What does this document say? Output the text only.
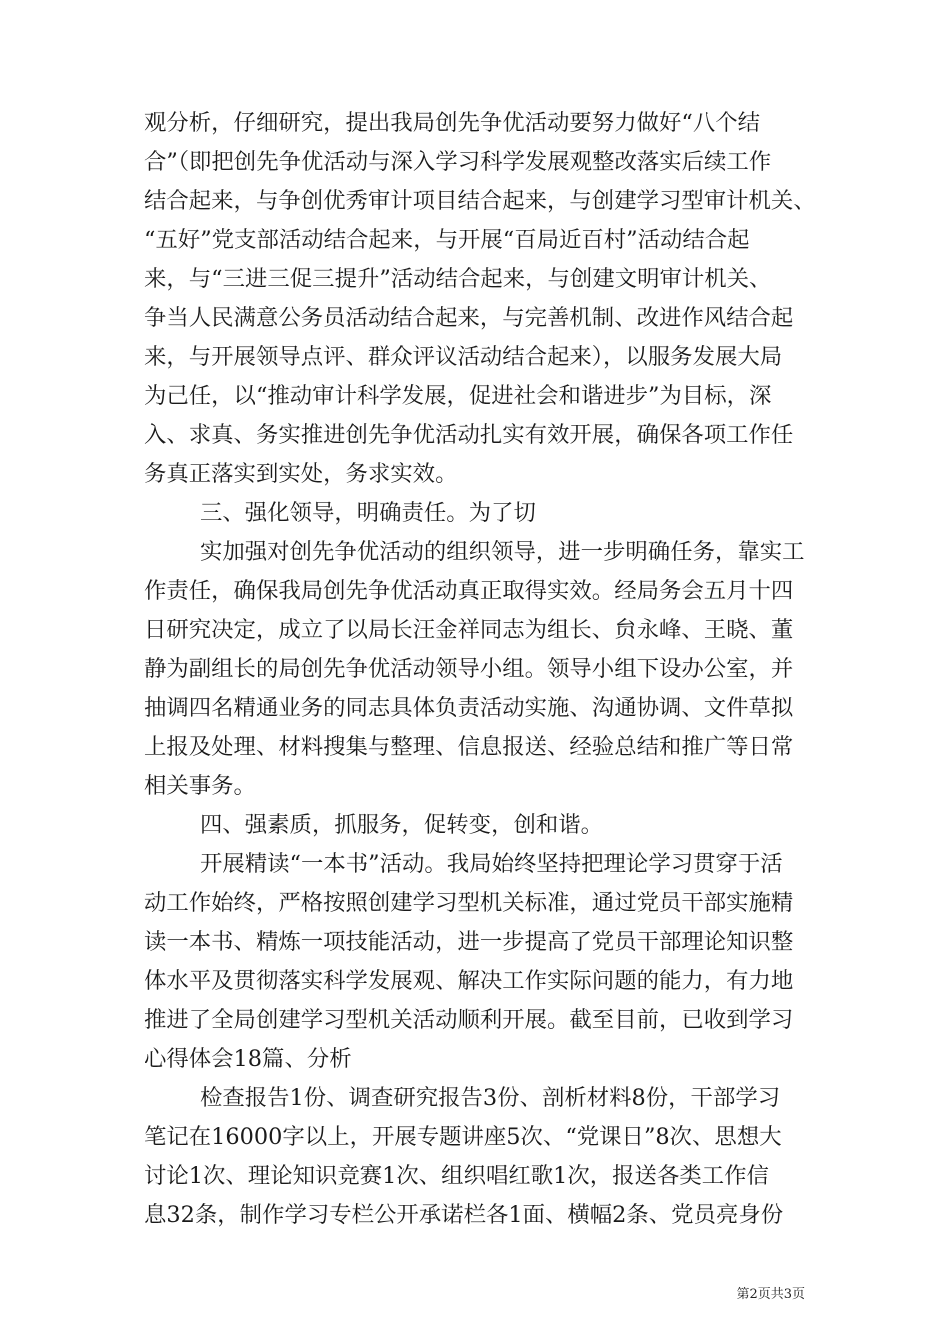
观分析，仔细研究，提出我局创先争优活动要努力做好“八个结
合”（即把创先争优活动与深入学习科学发展观整改落实后续工作
结合起来，与争创优秀审计项目结合起来，与创建学习型审计机关、
“五好”党支部活动结合起来，与开展“百局近百村”活动结合起
来，与“三进三促三提升”活动结合起来，与创建文明审计机关、
争当人民满意公务员活动结合起来，与完善机制、改进作风结合起
来，与开展领导点评、群众评议活动结合起来），以服务发展大局
为己任，以“推动审计科学发展，促进社会和谐进步”为目标，深
入、求真、务实推进创先争优活动扎实有效开展，确保各项工作任
务真正落实到实处，务求实效。

三、强化领导，明确责任。为了切

实加强对创先争优活动的组织领导，进一步明确任务，靠实工
作责任，确保我局创先争优活动真正取得实效。经局务会五月十四
日研究决定，成立了以局长汪金祥同志为组长、贠永峰、王晓、董
静为副组长的局创先争优活动领导小组。领导小组下设办公室，并
抽调四名精通业务的同志具体负责活动实施、沟通协调、文件草拟
上报及处理、材料搜集与整理、信息报送、经验总结和推广等日常
相关事务。

四、强素质，抓服务，促转变，创和谐。

开展精读“一本书”活动。我局始终坚持把理论学习贯穿于活
动工作始终，严格按照创建学习型机关标准，通过党员干部实施精
读一本书、精炼一项技能活动，进一步提高了党员干部理论知识整
体水平及贯彻落实科学发展观、解决工作实际问题的能力，有力地
推进了全局创建学习型机关活动顺利开展。截至目前，已收到学习
心得体会18篇、分析

检查报告1份、调查研究报告3份、剖析材料8份，干部学习
笔记在16000字以上，开展专题讲座5次、“党课日”8次、思想大
讨论1次、理论知识竞赛1次、组织唱红歌1次，报送各类工作信
息32条，制作学习专栏公开承诺栏各1面、横幅2条、党员亮身份

第2页共3页
